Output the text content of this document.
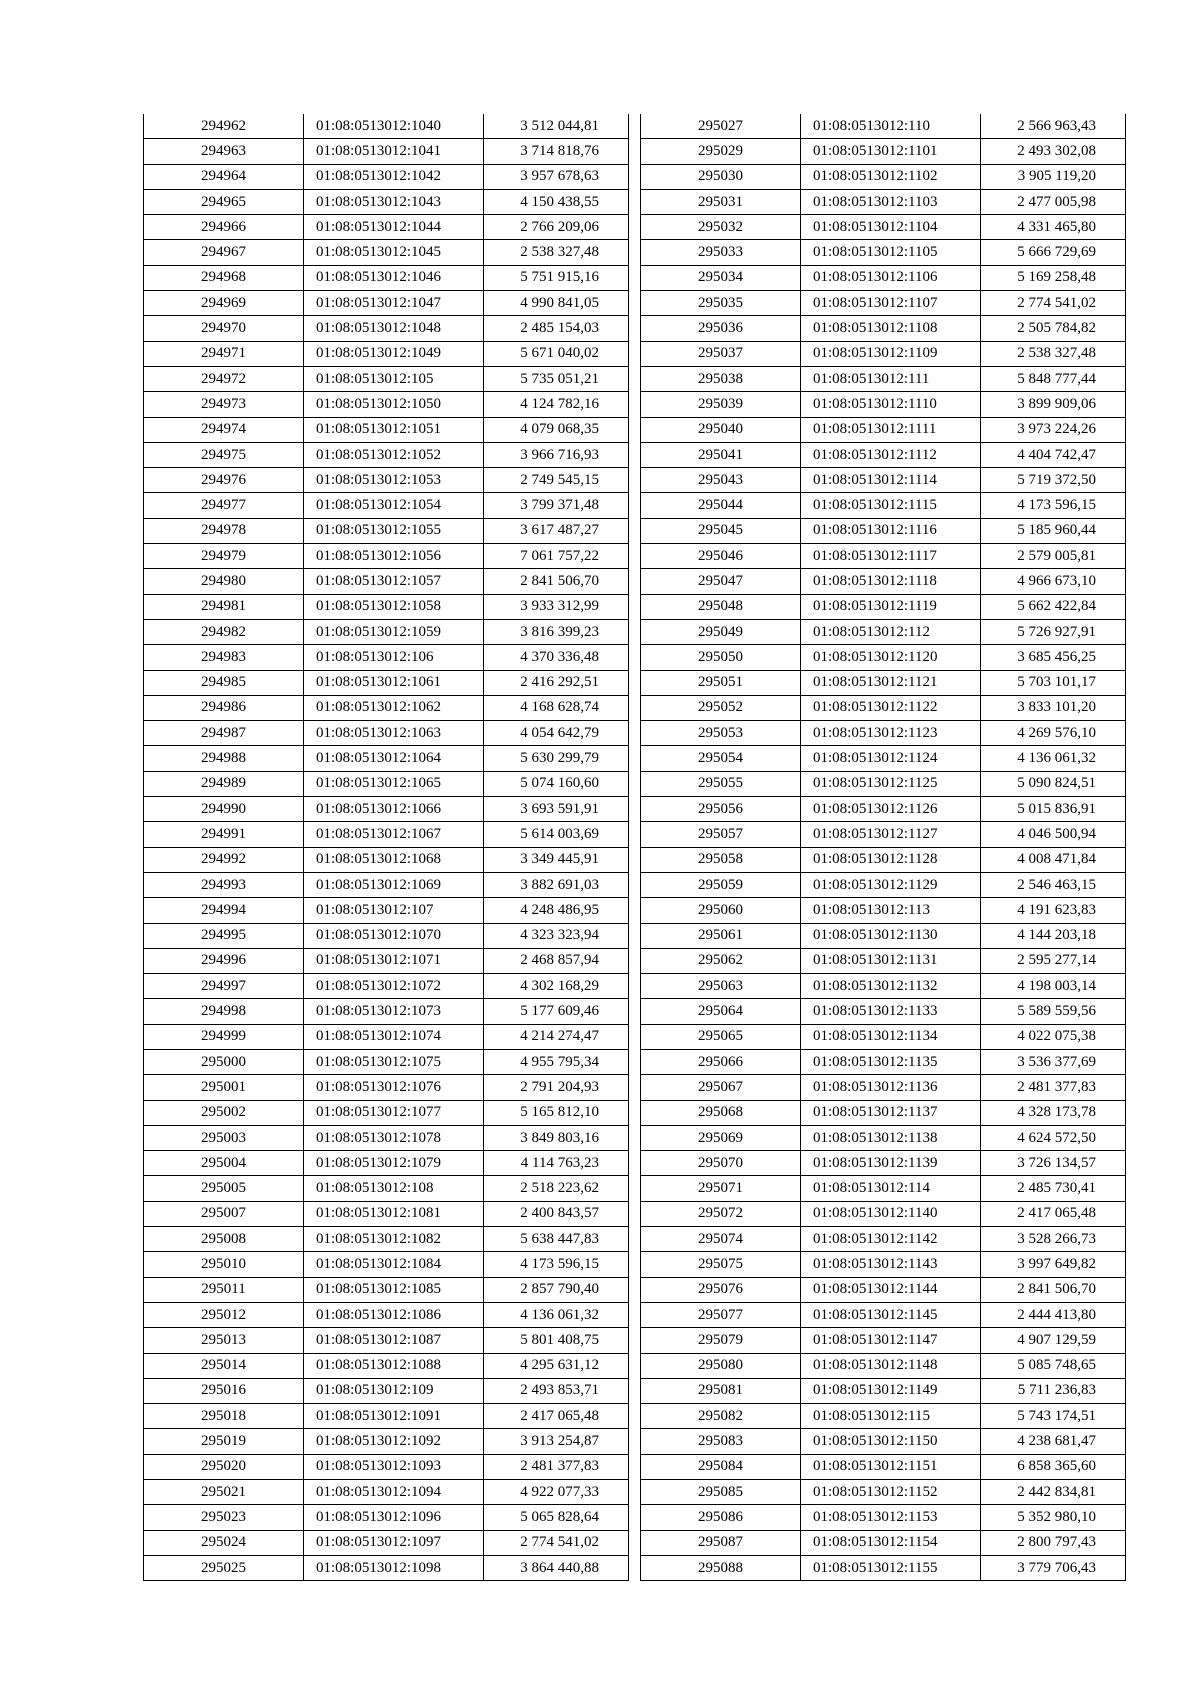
294962	01:08:0513012:1040	3 512 044,81
294963	01:08:0513012:1041	3 714 818,76
294964	01:08:0513012:1042	3 957 678,63
294965	01:08:0513012:1043	4 150 438,55
294966	01:08:0513012:1044	2 766 209,06
294967	01:08:0513012:1045	2 538 327,48
294968	01:08:0513012:1046	5 751 915,16
294969	01:08:0513012:1047	4 990 841,05
294970	01:08:0513012:1048	2 485 154,03
294971	01:08:0513012:1049	5 671 040,02
294972	01:08:0513012:105	5 735 051,21
294973	01:08:0513012:1050	4 124 782,16
294974	01:08:0513012:1051	4 079 068,35
294975	01:08:0513012:1052	3 966 716,93
294976	01:08:0513012:1053	2 749 545,15
294977	01:08:0513012:1054	3 799 371,48
294978	01:08:0513012:1055	3 617 487,27
294979	01:08:0513012:1056	7 061 757,22
294980	01:08:0513012:1057	2 841 506,70
294981	01:08:0513012:1058	3 933 312,99
294982	01:08:0513012:1059	3 816 399,23
294983	01:08:0513012:106	4 370 336,48
294985	01:08:0513012:1061	2 416 292,51
294986	01:08:0513012:1062	4 168 628,74
294987	01:08:0513012:1063	4 054 642,79
294988	01:08:0513012:1064	5 630 299,79
294989	01:08:0513012:1065	5 074 160,60
294990	01:08:0513012:1066	3 693 591,91
294991	01:08:0513012:1067	5 614 003,69
294992	01:08:0513012:1068	3 349 445,91
294993	01:08:0513012:1069	3 882 691,03
294994	01:08:0513012:107	4 248 486,95
294995	01:08:0513012:1070	4 323 323,94
294996	01:08:0513012:1071	2 468 857,94
294997	01:08:0513012:1072	4 302 168,29
294998	01:08:0513012:1073	5 177 609,46
294999	01:08:0513012:1074	4 214 274,47
295000	01:08:0513012:1075	4 955 795,34
295001	01:08:0513012:1076	2 791 204,93
295002	01:08:0513012:1077	5 165 812,10
295003	01:08:0513012:1078	3 849 803,16
295004	01:08:0513012:1079	4 114 763,23
295005	01:08:0513012:108	2 518 223,62
295007	01:08:0513012:1081	2 400 843,57
295008	01:08:0513012:1082	5 638 447,83
295010	01:08:0513012:1084	4 173 596,15
295011	01:08:0513012:1085	2 857 790,40
295012	01:08:0513012:1086	4 136 061,32
295013	01:08:0513012:1087	5 801 408,75
295014	01:08:0513012:1088	4 295 631,12
295016	01:08:0513012:109	2 493 853,71
295018	01:08:0513012:1091	2 417 065,48
295019	01:08:0513012:1092	3 913 254,87
295020	01:08:0513012:1093	2 481 377,83
295021	01:08:0513012:1094	4 922 077,33
295023	01:08:0513012:1096	5 065 828,64
295024	01:08:0513012:1097	2 774 541,02
295025	01:08:0513012:1098	3 864 440,88
295027	01:08:0513012:110	2 566 963,43
295029	01:08:0513012:1101	2 493 302,08
295030	01:08:0513012:1102	3 905 119,20
295031	01:08:0513012:1103	2 477 005,98
295032	01:08:0513012:1104	4 331 465,80
295033	01:08:0513012:1105	5 666 729,69
295034	01:08:0513012:1106	5 169 258,48
295035	01:08:0513012:1107	2 774 541,02
295036	01:08:0513012:1108	2 505 784,82
295037	01:08:0513012:1109	2 538 327,48
295038	01:08:0513012:111	5 848 777,44
295039	01:08:0513012:1110	3 899 909,06
295040	01:08:0513012:1111	3 973 224,26
295041	01:08:0513012:1112	4 404 742,47
295043	01:08:0513012:1114	5 719 372,50
295044	01:08:0513012:1115	4 173 596,15
295045	01:08:0513012:1116	5 185 960,44
295046	01:08:0513012:1117	2 579 005,81
295047	01:08:0513012:1118	4 966 673,10
295048	01:08:0513012:1119	5 662 422,84
295049	01:08:0513012:112	5 726 927,91
295050	01:08:0513012:1120	3 685 456,25
295051	01:08:0513012:1121	5 703 101,17
295052	01:08:0513012:1122	3 833 101,20
295053	01:08:0513012:1123	4 269 576,10
295054	01:08:0513012:1124	4 136 061,32
295055	01:08:0513012:1125	5 090 824,51
295056	01:08:0513012:1126	5 015 836,91
295057	01:08:0513012:1127	4 046 500,94
295058	01:08:0513012:1128	4 008 471,84
295059	01:08:0513012:1129	2 546 463,15
295060	01:08:0513012:113	4 191 623,83
295061	01:08:0513012:1130	4 144 203,18
295062	01:08:0513012:1131	2 595 277,14
295063	01:08:0513012:1132	4 198 003,14
295064	01:08:0513012:1133	5 589 559,56
295065	01:08:0513012:1134	4 022 075,38
295066	01:08:0513012:1135	3 536 377,69
295067	01:08:0513012:1136	2 481 377,83
295068	01:08:0513012:1137	4 328 173,78
295069	01:08:0513012:1138	4 624 572,50
295070	01:08:0513012:1139	3 726 134,57
295071	01:08:0513012:114	2 485 730,41
295072	01:08:0513012:1140	2 417 065,48
295074	01:08:0513012:1142	3 528 266,73
295075	01:08:0513012:1143	3 997 649,82
295076	01:08:0513012:1144	2 841 506,70
295077	01:08:0513012:1145	2 444 413,80
295079	01:08:0513012:1147	4 907 129,59
295080	01:08:0513012:1148	5 085 748,65
295081	01:08:0513012:1149	5 711 236,83
295082	01:08:0513012:115	5 743 174,51
295083	01:08:0513012:1150	4 238 681,47
295084	01:08:0513012:1151	6 858 365,60
295085	01:08:0513012:1152	2 442 834,81
295086	01:08:0513012:1153	5 352 980,10
295087	01:08:0513012:1154	2 800 797,43
295088	01:08:0513012:1155	3 779 706,43
